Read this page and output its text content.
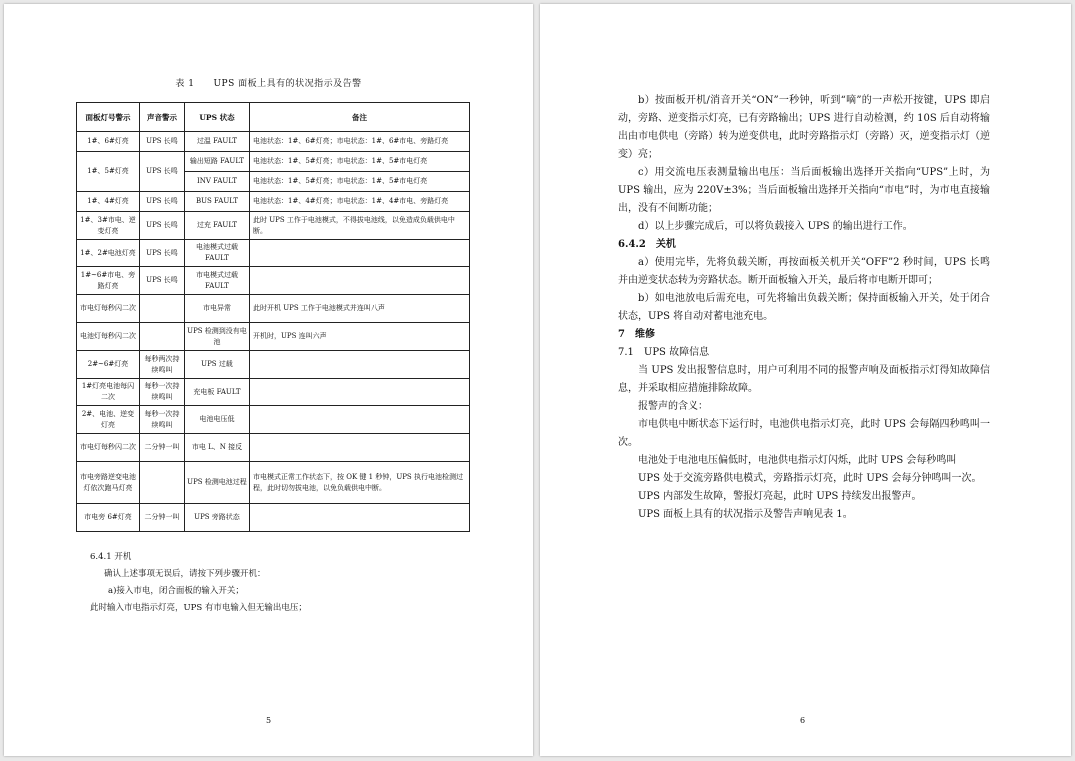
表 1　　UPS 面板上具有的状况指示及告警
面板灯号警示	声音警示	UPS 状态	备注
1#、6#灯亮	UPS 长鸣	过温 FAULT	电池状态：1#、6#灯亮；市电状态：1#、6#市电、旁路灯亮
1#、5#灯亮	UPS 长鸣	输出短路 FAULT	电池状态：1#、5#灯亮；市电状态：1#、5#市电灯亮
		INV FAULT	电池状态：1#、5#灯亮；市电状态：1#、5#市电灯亮
1#、4#灯亮	UPS 长鸣	BUS FAULT	电池状态：1#、4#灯亮；市电状态：1#、4#市电、旁路灯亮
1#、3#市电、逆变灯亮	UPS 长鸣	过充 FAULT	此时 UPS 工作于电池模式，不得拔电池线，以免造成负载供电中断。
1#、2#电池灯亮	UPS 长鸣	电池模式过载 FAULT	
1#~6#市电、旁路灯亮	UPS 长鸣	市电模式过载 FAULT	
市电灯每秒闪二次		市电异常	此时开机 UPS 工作于电池模式并连叫八声
电池灯每秒闪二次		UPS 检测到没有电池	开机时，UPS 连叫六声
2#~6#灯亮	每秒两次持续鸣叫	UPS 过载	
1#灯亮电池每闪二次	每秒一次持续鸣叫	充电板 FAULT	
2#、电池、逆变灯亮	每秒一次持续鸣叫	电池电压低	
市电灯每秒闪二次	二分钟一叫	市电 L、N 接反	
市电旁路逆变电池灯依次跑马灯亮		UPS 检测电池过程	市电模式正常工作状态下，按 OK 键 1 秒钟，UPS 执行电池检测过程，此时切勿拔电池，以免负载供电中断。
市电旁 6#灯亮	二分钟一叫	UPS 旁路状态	
6.4.1 开机
确认上述事项无误后，请按下列步骤开机：
a)接入市电，闭合面板的输入开关；
此时输入市电指示灯亮，UPS 有市电输入但无输出电压；
5

b）按面板开机/消音开关“ON”一秒钟，听到“嘀”的一声松开按键，UPS 即启动，旁路、逆变指示灯亮，已有旁路输出；UPS 进行自动检测，约 10S 后自动将输出由市电供电（旁路）转为逆变供电，此时旁路指示灯（旁路）灭，逆变指示灯（逆变）亮；

c）用交流电压表测量输出电压：当后面板输出选择开关指向“UPS”上时，为 UPS 输出，应为 220V±3%；当后面板输出选择开关指向“市电”时，为市电直接输出，没有不间断功能；

d）以上步骤完成后，可以将负载接入 UPS 的输出进行工作。

6.4.2　关机

a）使用完毕，先将负载关断，再按面板关机开关“OFF”2 秒时间，UPS 长鸣并由逆变状态转为旁路状态。断开面板输入开关，最后将市电断开即可；

b）如电池放电后需充电，可先将输出负载关断；保持面板输入开关，处于闭合状态，UPS 将自动对蓄电池充电。

7　维修

7.1　UPS 故障信息

当 UPS 发出报警信息时，用户可利用不同的报警声响及面板指示灯得知故障信息，并采取相应措施排除故障。

报警声的含义：

市电供电中断状态下运行时，电池供电指示灯亮，此时 UPS 会每隔四秒鸣叫一次。

电池处于电池电压偏低时，电池供电指示灯闪烁，此时 UPS 会每秒鸣叫

UPS 处于交流旁路供电模式，旁路指示灯亮，此时 UPS 会每分钟鸣叫一次。

UPS 内部发生故障，警报灯亮起，此时 UPS 持续发出报警声。

UPS 面板上具有的状况指示及警告声响见表 1。

6
